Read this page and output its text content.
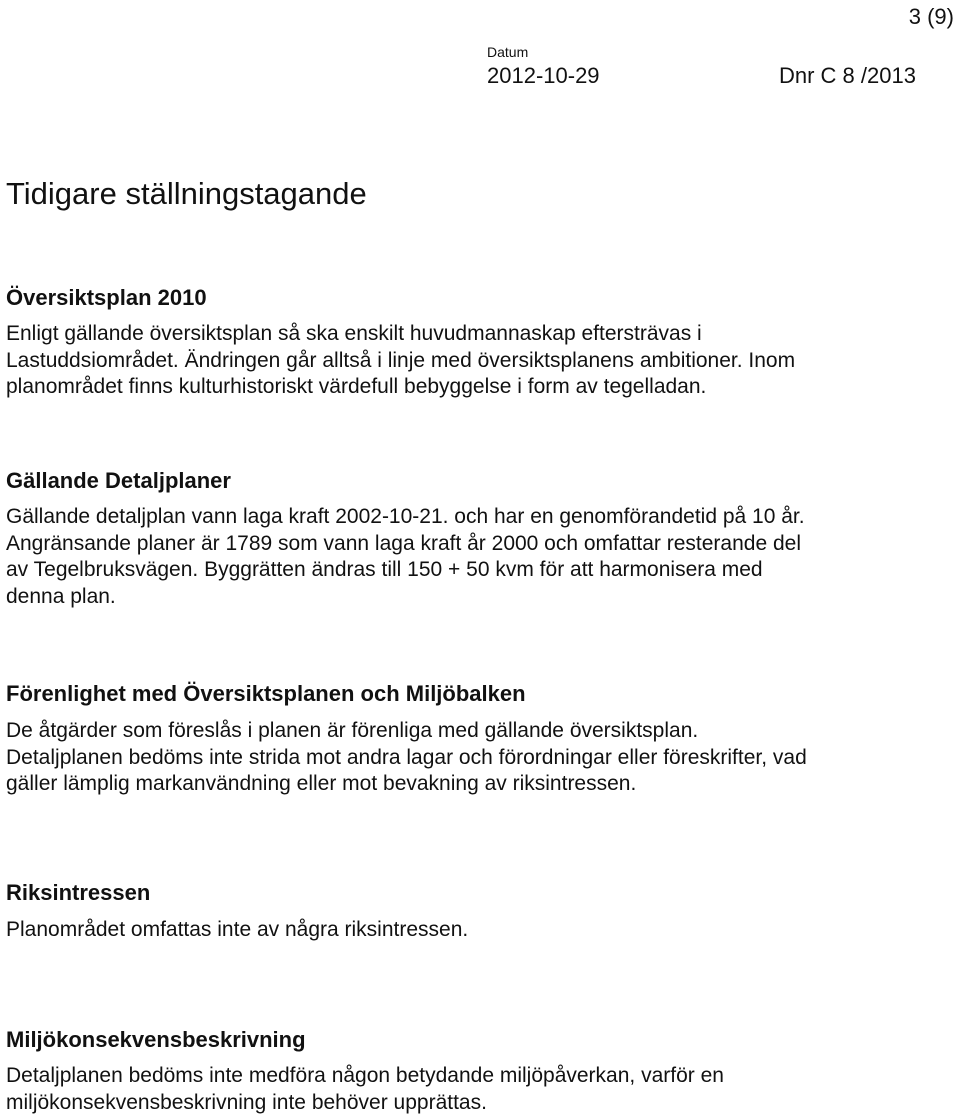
3 (9)
Datum
2012-10-29	Dnr C 8 /2013
Tidigare ställningstagande
Översiktsplan 2010
Enligt gällande översiktsplan så ska enskilt huvudmannaskap eftersträvas i
Lastuddsiområdet. Ändringen går alltså i linje med översiktsplanens ambitioner. Inom
planområdet finns kulturhistoriskt värdefull bebyggelse i form av tegelladan.
Gällande Detaljplaner
Gällande detaljplan vann laga kraft 2002-10-21. och har en genomförandetid på 10 år.
Angränsande planer är 1789 som vann laga kraft år 2000 och omfattar resterande del
av Tegelbruksvägen. Byggrätten ändras till 150 + 50 kvm för att harmonisera med
denna plan.
Förenlighet med Översiktsplanen och Miljöbalken
De åtgärder som föreslås i planen är förenliga med gällande översiktsplan.
Detaljplanen bedöms inte strida mot andra lagar och förordningar eller föreskrifter, vad
gäller lämplig markanvändning eller mot bevakning av riksintressen.
Riksintressen
Planområdet omfattas inte av några riksintressen.
Miljökonsekvensbeskrivning
Detaljplanen bedöms inte medföra någon betydande miljöpåverkan, varför en
miljökonsekvensbeskrivning inte behöver upprättas.
